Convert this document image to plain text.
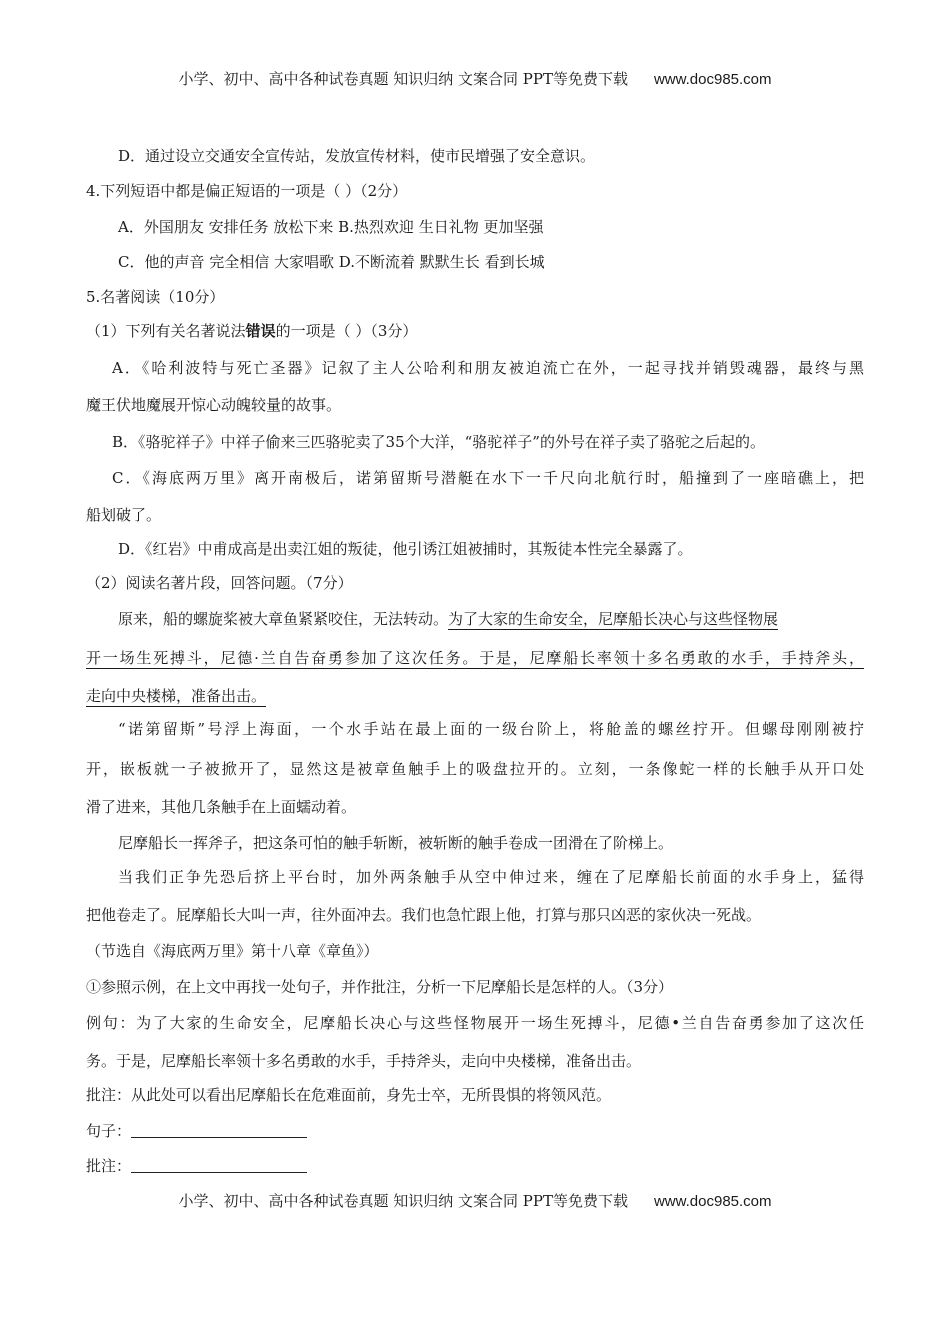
小学、初中、高中各种试卷真题 知识归纳 文案合同 PPT等免费下载 www.doc985.com
D．通过设立交通安全宣传站，发放宣传材料，使市民增强了安全意识。
4.下列短语中都是偏正短语的一项是（ ）（2分）
A．外国朋友 安排任务 放松下来 B.热烈欢迎 生日礼物 更加坚强
C．他的声音 完全相信 大家唱歌 D.不断流着 默默生长 看到长城
5.名著阅读（10分）
（1）下列有关名著说法错误的一项是（ ）（3分）
A．《哈利波特与死亡圣器》记叙了主人公哈利和朋友被迫流亡在外，一起寻找并销毁魂器，最终与黑
魔王伏地魔展开惊心动魄较量的故事。
B．《骆驼祥子》中祥子偷来三匹骆驼卖了35个大洋，“骆驼祥子”的外号在祥子卖了骆驼之后起的。
C．《海底两万里》离开南极后，诺第留斯号潜艇在水下一千尺向北航行时，船撞到了一座暗礁上，把
船划破了。
D．《红岩》中甫成高是出卖江姐的叛徒，他引诱江姐被捕时，其叛徒本性完全暴露了。
（2）阅读名著片段，回答问题。（7分）
原来，船的螺旋桨被大章鱼紧紧咬住，无法转动。为了大家的生命安全，尼摩船长决心与这些怪物展
开一场生死搏斗，尼德·兰自告奋勇参加了这次任务。于是，尼摩船长率领十多名勇敢的水手，手持斧头，
走向中央楼梯，准备出击。
“诺第留斯”号浮上海面，一个水手站在最上面的一级台阶上，将舱盖的螺丝拧开。但螺母刚刚被拧
开，嵌板就一子被掀开了，显然这是被章鱼触手上的吸盘拉开的。立刻，一条像蛇一样的长触手从开口处
滑了进来，其他几条触手在上面蠕动着。
尼摩船长一挥斧子，把这条可怕的触手斩断，被斩断的触手卷成一团滑在了阶梯上。
当我们正争先恐后挤上平台时，加外两条触手从空中伸过来，缠在了尼摩船长前面的水手身上，猛得
把他卷走了。屁摩船长大叫一声，往外面冲去。我们也急忙跟上他，打算与那只凶恶的家伙决一死战。
（节选自《海底两万里》第十八章《章鱼》）
①参照示例，在上文中再找一处句子，并作批注，分析一下尼摩船长是怎样的人。（3分）
例句：为了大家的生命安全，尼摩船长决心与这些怪物展开一场生死搏斗，尼德•兰自告奋勇参加了这次任
务。于是，尼摩船长率领十多名勇敢的水手，手持斧头，走向中央楼梯，准备出击。
批注：从此处可以看出尼摩船长在危难面前，身先士卒，无所畏惧的将领风范。
句子：
批注：
小学、初中、高中各种试卷真题 知识归纳 文案合同 PPT等免费下载 www.doc985.com
